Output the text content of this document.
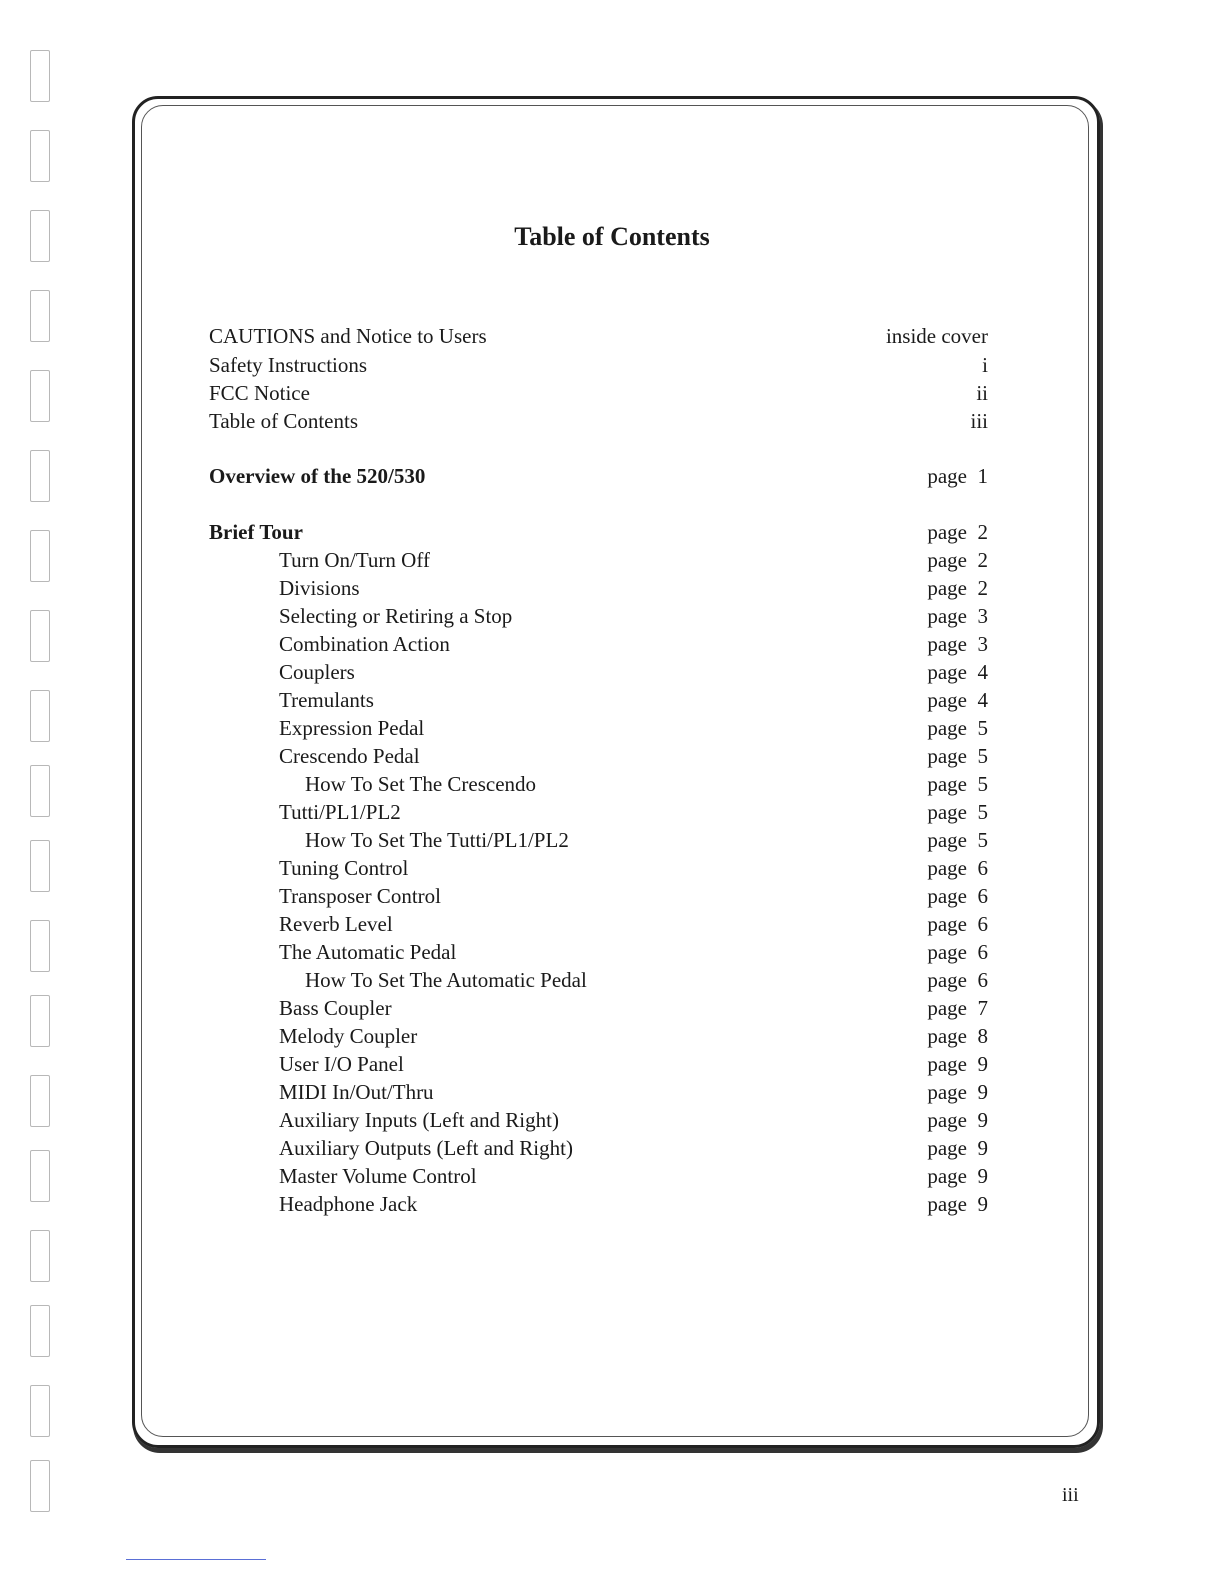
Table of Contents
CAUTIONS and Notice to Users	inside cover
Safety Instructions	i
FCC Notice	ii
Table of Contents	iii
Overview of the 520/530	page  1
Brief Tour	page  2
Turn On/Turn Off	page  2
Divisions	page  2
Selecting or Retiring a Stop	page  3
Combination Action	page  3
Couplers	page  4
Tremulants	page  4
Expression Pedal	page  5
Crescendo Pedal	page  5
How To Set The Crescendo	page  5
Tutti/PL1/PL2	page  5
How To Set The Tutti/PL1/PL2	page  5
Tuning Control	page  6
Transposer Control	page  6
Reverb Level	page  6
The Automatic Pedal	page  6
How To Set The Automatic Pedal	page  6
Bass Coupler	page  7
Melody Coupler	page  8
User I/O Panel	page  9
MIDI In/Out/Thru	page  9
Auxiliary Inputs (Left and Right)	page  9
Auxiliary Outputs (Left and Right)	page  9
Master Volume Control	page  9
Headphone Jack	page  9
iii
